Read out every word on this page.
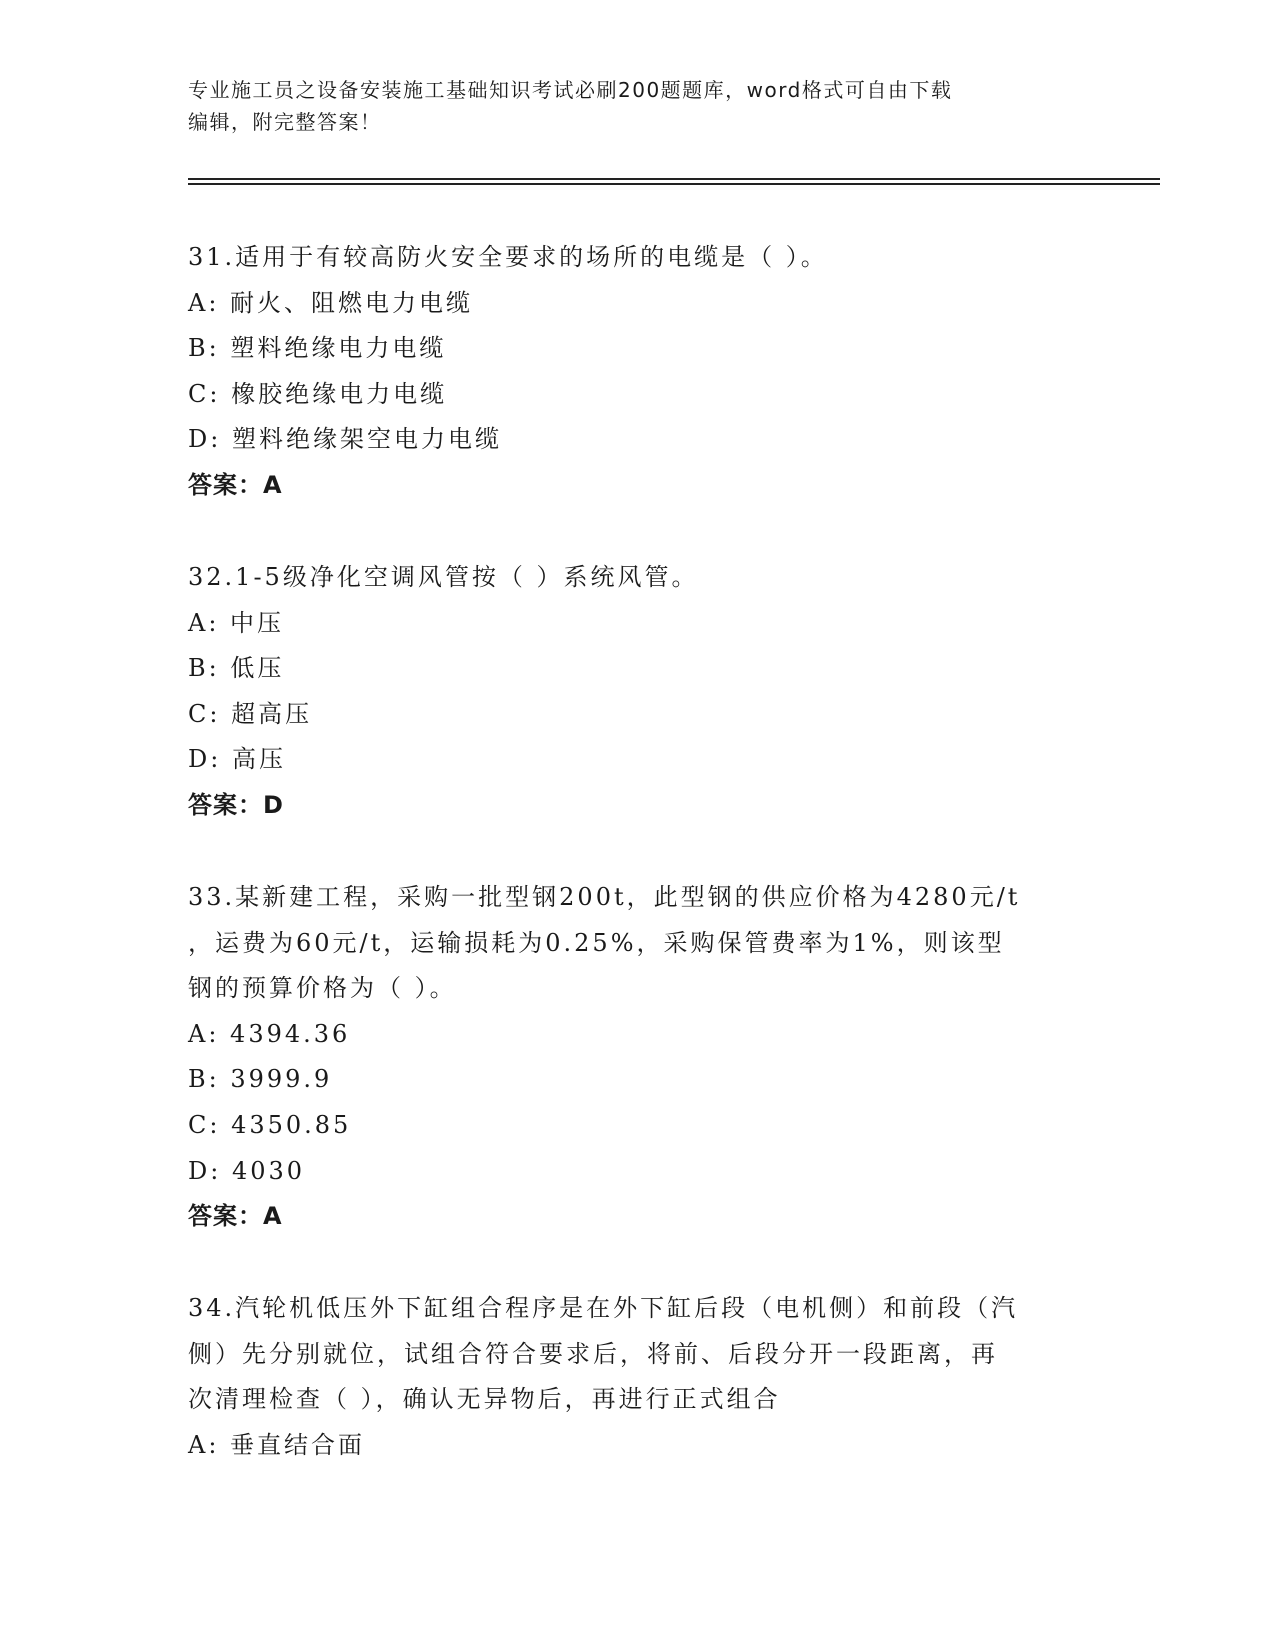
专业施工员之设备安装施工基础知识考试必刷200题题库，word格式可自由下载
编辑，附完整答案！
31.适用于有较高防火安全要求的场所的电缆是（ ）。
A: 耐火、阻燃电力电缆
B: 塑料绝缘电力电缆
C: 橡胶绝缘电力电缆
D: 塑料绝缘架空电力电缆
答案：A
32.1-5级净化空调风管按（ ）系统风管。
A: 中压
B: 低压
C: 超高压
D: 高压
答案：D
33.某新建工程，采购一批型钢200t，此型钢的供应价格为4280元/t
，运费为60元/t，运输损耗为0.25%，采购保管费率为1%，则该型
钢的预算价格为（ ）。
A: 4394.36
B: 3999.9
C: 4350.85
D: 4030
答案：A
34.汽轮机低压外下缸组合程序是在外下缸后段（电机侧）和前段（汽
侧）先分别就位，试组合符合要求后，将前、后段分开一段距离，再
次清理检查（ ），确认无异物后，再进行正式组合
A: 垂直结合面
